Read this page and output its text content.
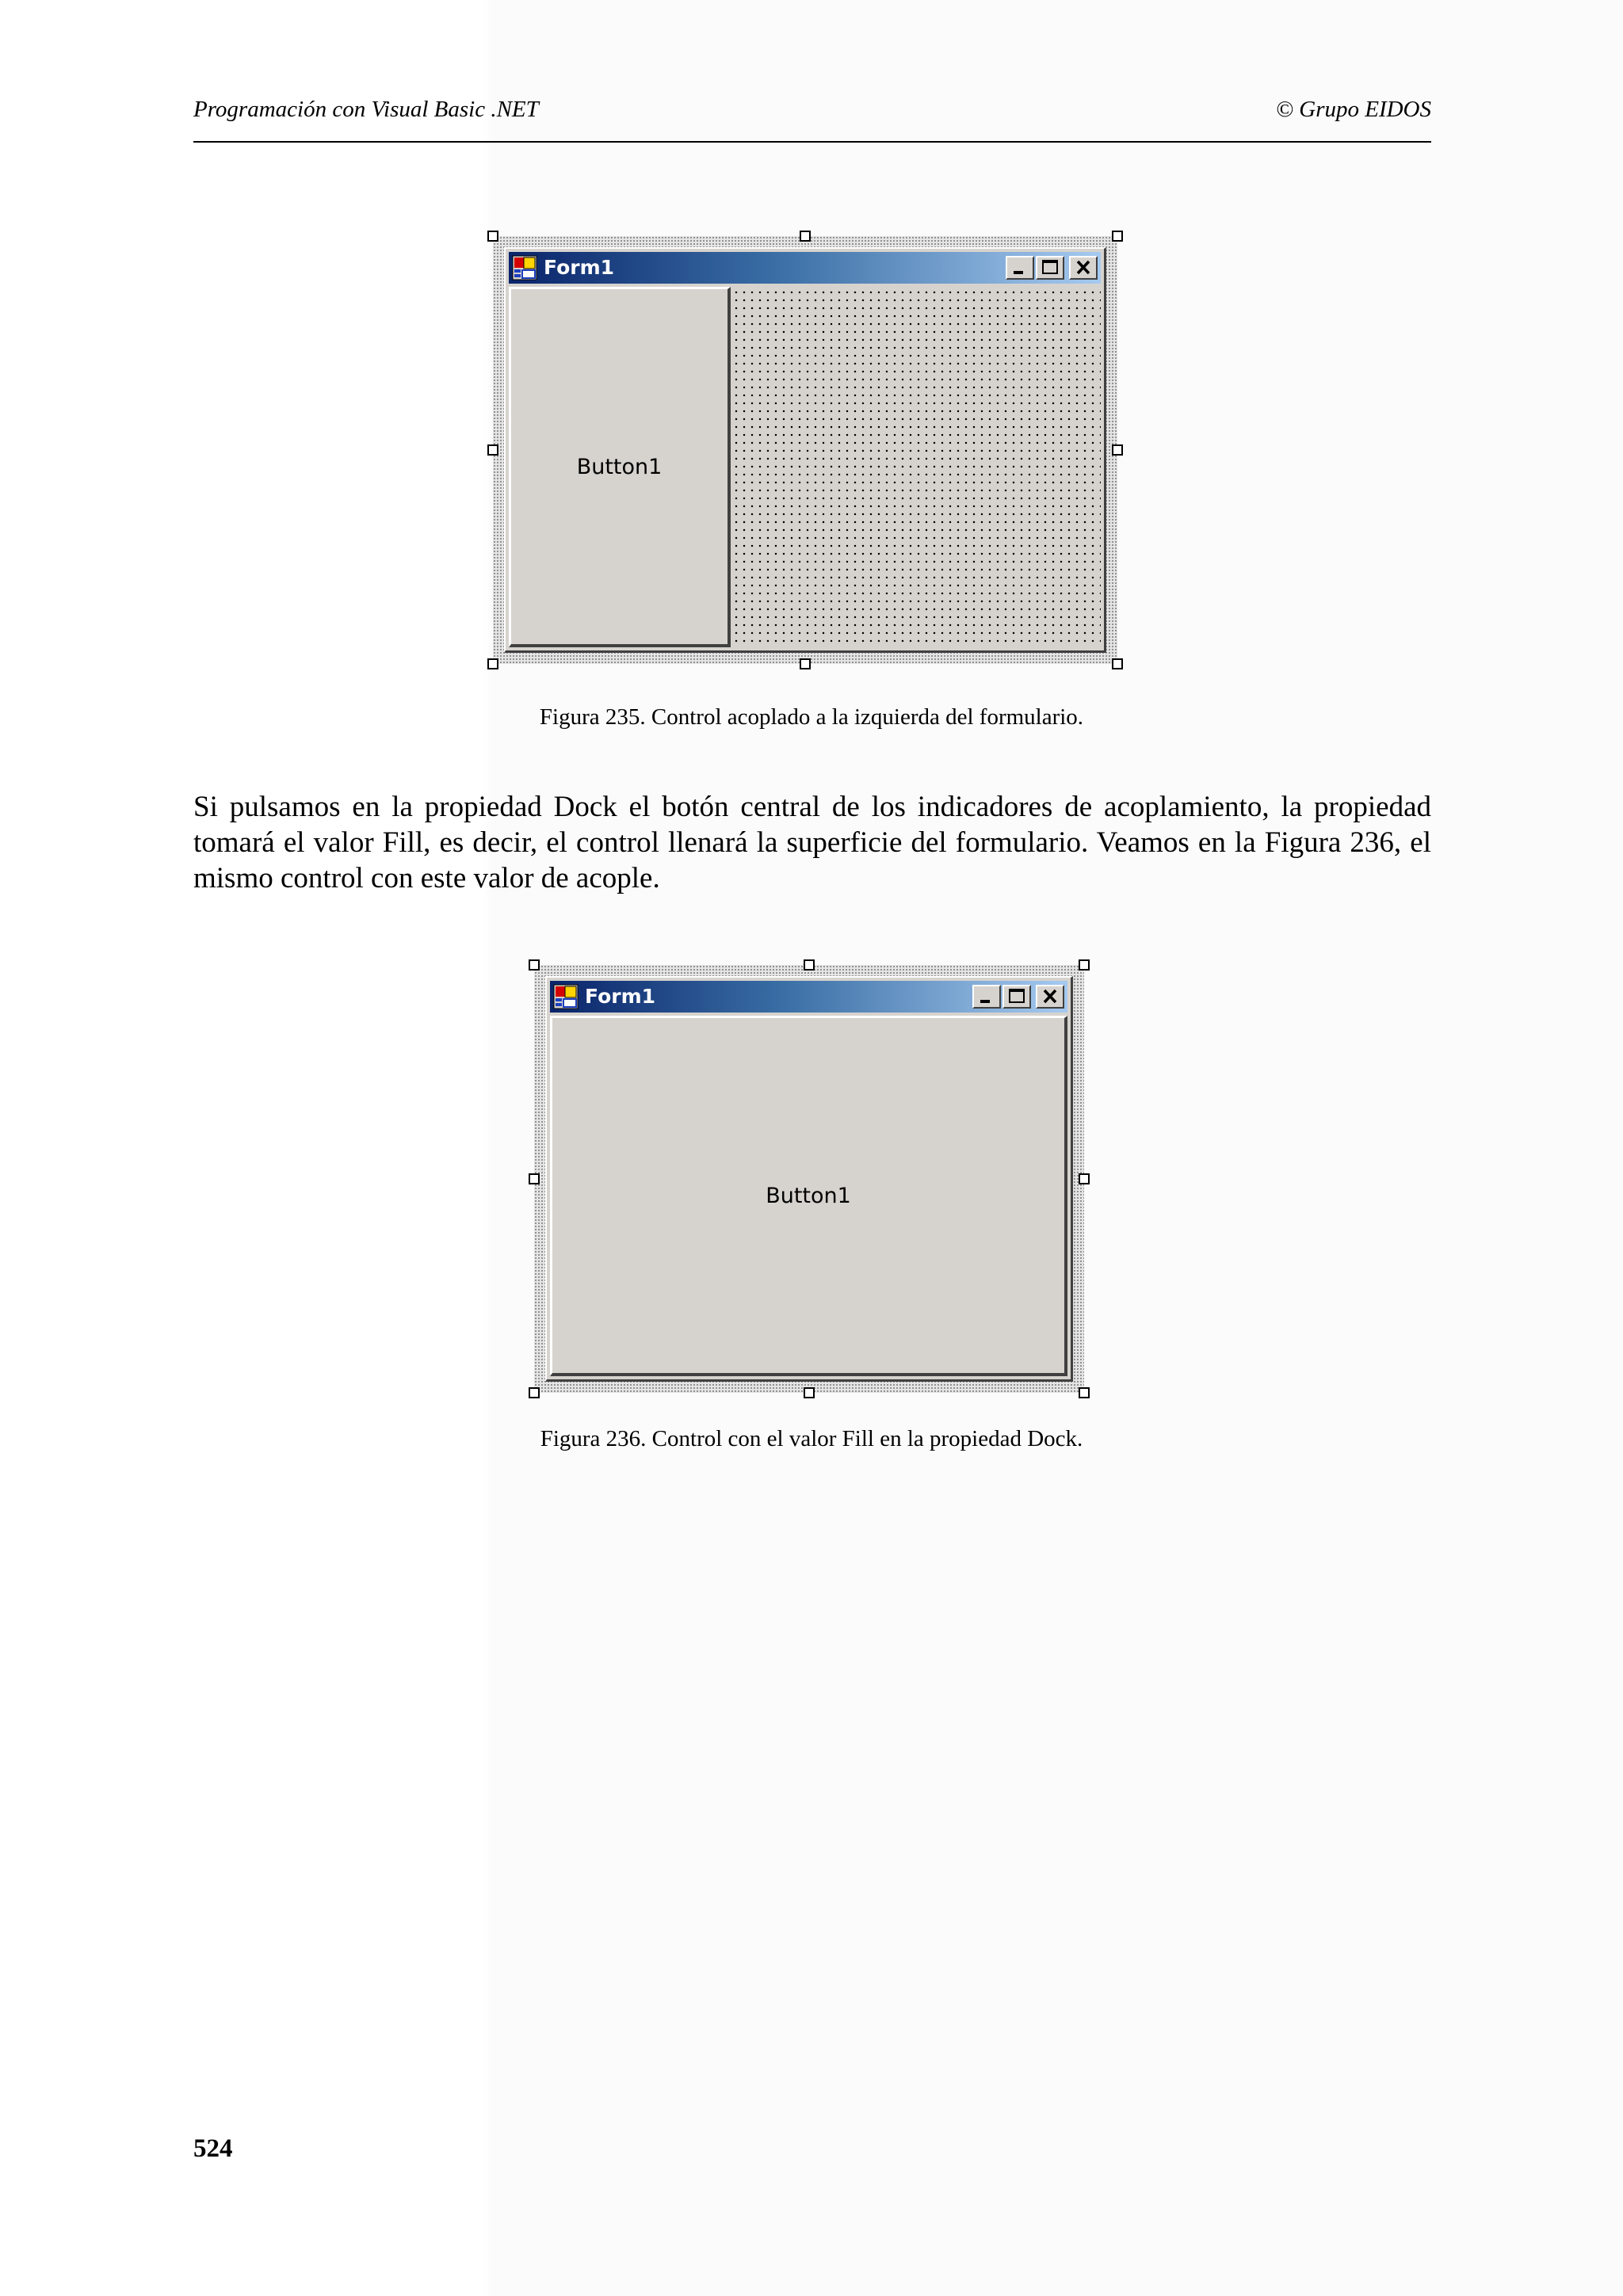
Programación con Visual Basic .NET	© Grupo EIDOS
Form1
Button1
Figura 235. Control acoplado a la izquierda del formulario.
Si pulsamos en la propiedad Dock el botón central de los indicadores de acoplamiento, la propiedad tomará el valor Fill, es decir, el control llenará la superficie del formulario. Veamos en la Figura 236, el mismo control con este valor de acople.
Form1
Button1
Figura 236. Control con el valor Fill en la propiedad Dock.
524
